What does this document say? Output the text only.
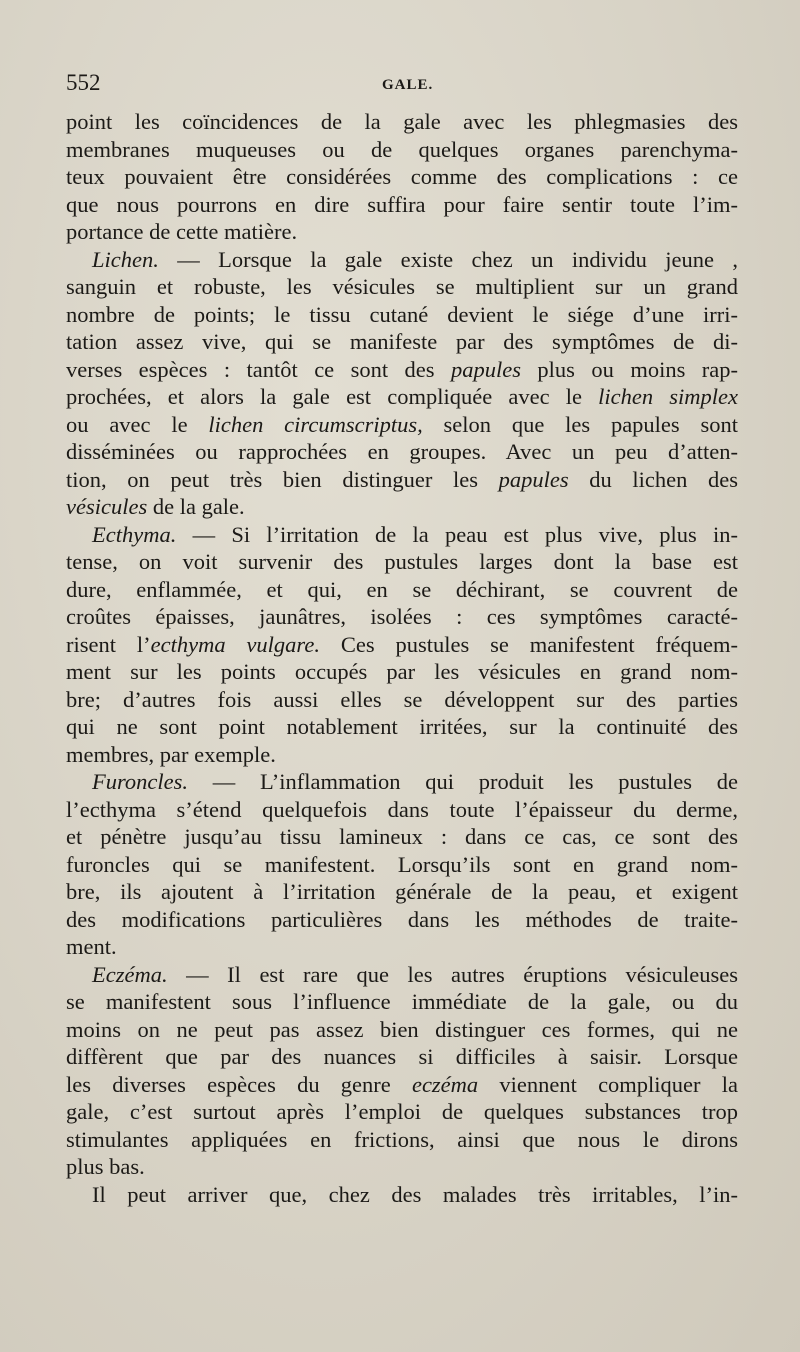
552	GALE.
point les coïncidences de la gale avec les phlegmasies des
membranes muqueuses ou de quelques organes parenchyma-
teux pouvaient être considérées comme des complications : ce
que nous pourrons en dire suffira pour faire sentir toute l’im-
portance de cette matière.
Lichen. — Lorsque la gale existe chez un individu jeune ,
sanguin et robuste, les vésicules se multiplient sur un grand
nombre de points; le tissu cutané devient le siége d’une irri-
tation assez vive, qui se manifeste par des symptômes de di-
verses espèces : tantôt ce sont des papules plus ou moins rap-
prochées, et alors la gale est compliquée avec le lichen simplex
ou avec le lichen circumscriptus, selon que les papules sont
disséminées ou rapprochées en groupes. Avec un peu d’atten-
tion, on peut très bien distinguer les papules du lichen des
vésicules de la gale.
Ecthyma. — Si l’irritation de la peau est plus vive, plus in-
tense, on voit survenir des pustules larges dont la base est
dure, enflammée, et qui, en se déchirant, se couvrent de
croûtes épaisses, jaunâtres, isolées : ces symptômes caracté-
risent l’ecthyma vulgare. Ces pustules se manifestent fréquem-
ment sur les points occupés par les vésicules en grand nom-
bre; d’autres fois aussi elles se développent sur des parties
qui ne sont point notablement irritées, sur la continuité des
membres, par exemple.
Furoncles. — L’inflammation qui produit les pustules de
l’ecthyma s’étend quelquefois dans toute l’épaisseur du derme,
et pénètre jusqu’au tissu lamineux : dans ce cas, ce sont des
furoncles qui se manifestent. Lorsqu’ils sont en grand nom-
bre, ils ajoutent à l’irritation générale de la peau, et exigent
des modifications particulières dans les méthodes de traite-
ment.
Eczéma. — Il est rare que les autres éruptions vésiculeuses
se manifestent sous l’influence immédiate de la gale, ou du
moins on ne peut pas assez bien distinguer ces formes, qui ne
diffèrent que par des nuances si difficiles à saisir. Lorsque
les diverses espèces du genre eczéma viennent compliquer la
gale, c’est surtout après l’emploi de quelques substances trop
stimulantes appliquées en frictions, ainsi que nous le dirons
plus bas.
Il peut arriver que, chez des malades très irritables, l’in-
